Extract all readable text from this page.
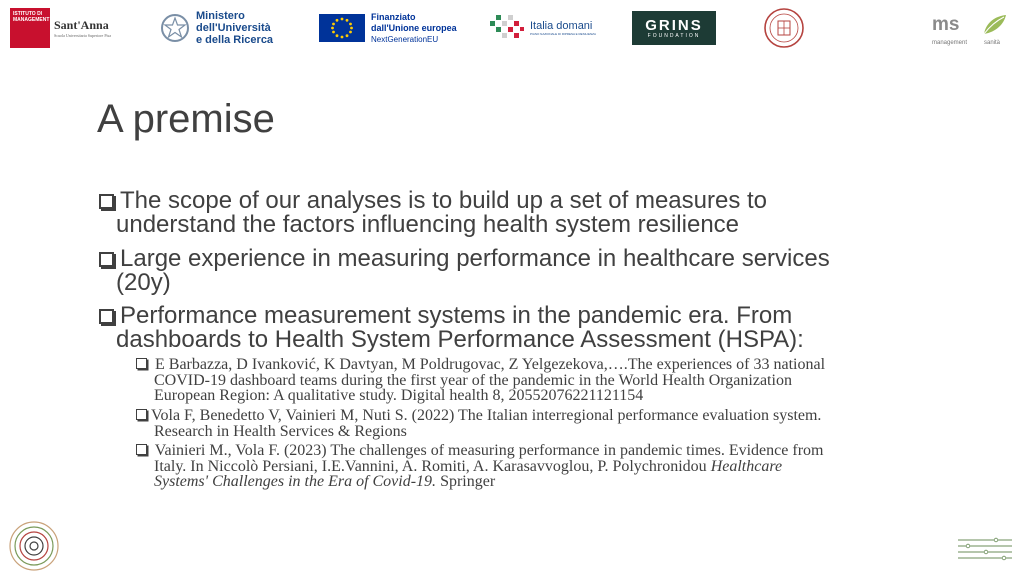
ISTITUTO DI MANAGEMENT Sant'Anna
Scuola Universitaria Superiore Pisa
Ministero
dell'Università
e della Ricerca
Finanziato
dall'Unione europea
NextGenerationEU
Italia domani
PIANO NAZIONALE DI RIPRESA E RESILIENZA
GRINS
FOUNDATION
ms
management	sanità
A premise
The scope of our analyses is to build up a set of measures to
understand the factors influencing health system resilience
Large experience in measuring performance in healthcare services
(20y)
Performance measurement systems in the pandemic era. From
dashboards to Health System Performance Assessment (HSPA):
E Barbazza, D Ivanković, K Davtyan, M Poldrugovac, Z Yelgezekova,….The experiences of 33 national
COVID-19 dashboard teams during the first year of the pandemic in the World Health Organization
European Region: A qualitative study. Digital health 8, 20552076221121154
Vola F, Benedetto V, Vainieri M, Nuti S. (2022) The Italian interregional performance evaluation system.
Research in Health Services & Regions
Vainieri M., Vola F. (2023) The challenges of measuring performance in pandemic times. Evidence from
Italy. In Niccolò Persiani, I.E.Vannini, A. Romiti, A. Karasavvoglou, P. Polychronidou Healthcare
Systems' Challenges in the Era of Covid-19. Springer
